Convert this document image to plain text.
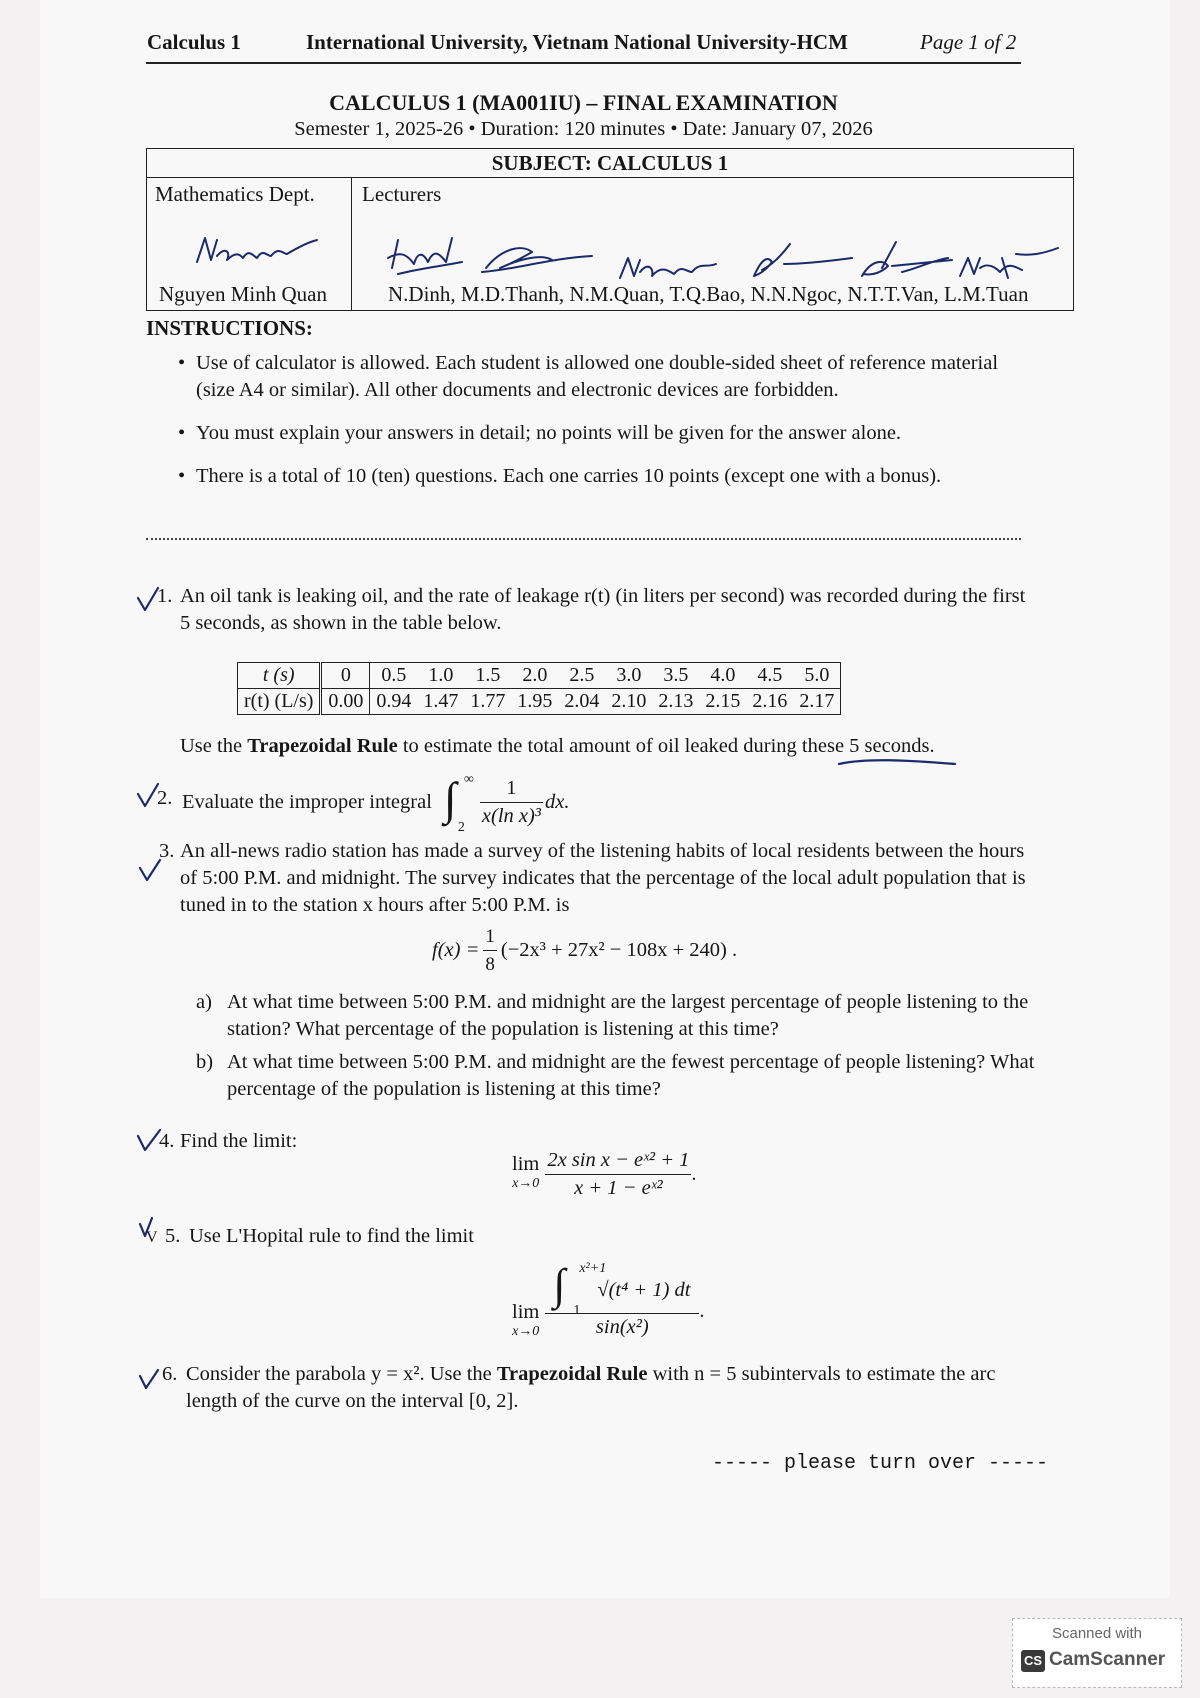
Calculus 1	International University, Vietnam National University-HCM	Page 1 of 2
CALCULUS 1 (MA001IU) – FINAL EXAMINATION
Semester 1, 2025-26 • Duration: 120 minutes • Date: January 07, 2026
SUBJECT: CALCULUS 1

Mathematics Dept.
Nguyen Minh Quan

Lecturers
N.Dinh, M.D.Thanh, N.M.Quan, T.Q.Bao, N.N.Ngoc, N.T.T.Van, L.M.Tuan
INSTRUCTIONS:
• Use of calculator is allowed. Each student is allowed one double-sided sheet of reference material (size A4 or similar). All other documents and electronic devices are forbidden.
• You must explain your answers in detail; no points will be given for the answer alone.
• There is a total of 10 (ten) questions. Each one carries 10 points (except one with a bonus).
1. An oil tank is leaking oil, and the rate of leakage r(t) (in liters per second) was recorded during the first 5 seconds, as shown in the table below.
t (s)	0	0.5	1.0	1.5	2.0	2.5	3.0	3.5	4.0	4.5	5.0
r(t) (L/s)	0.00	0.94	1.47	1.77	1.95	2.04	2.10	2.13	2.15	2.16	2.17
Use the Trapezoidal Rule to estimate the total amount of oil leaked during these 5 seconds.
2. Evaluate the improper integral ∫ ∞
$2 \frac{1}{\text{x(ln x)³}}$ dx.
3. An all-news radio station has made a survey of the listening habits of local residents between the hours of 5:00 P.M. and midnight. The survey indicates that the percentage of the local adult population that is tuned in to the station x hours after 5:00 P.M. is
$f(x) = \frac{1}{8} (-2x^3 + 27x^2 - 108x + 240)$ .
a) At what time between 5:00 P.M. and midnight are the largest percentage of people listening to the station? What percentage of the population is listening at this time?
b) At what time between 5:00 P.M. and midnight are the fewest percentage of people listening? What percentage of the population is listening at this time?
4. Find the limit:
lim
$x\to 0 \frac{\text{2x sin x − eˣ² + 1}}{\text{x + 1 − eˣ²}}$ .
V 5. Use L'Hopital rule to find the limit
lim
x→0 ∫ x²+1
1
√(t⁴ + 1) dt
sin(x²) .
6. Consider the parabola y = x². Use the Trapezoidal Rule with n = 5 subintervals to estimate the arc length of the curve on the interval [0, 2].
----- please turn over -----
Scanned with
CS CamScanner
